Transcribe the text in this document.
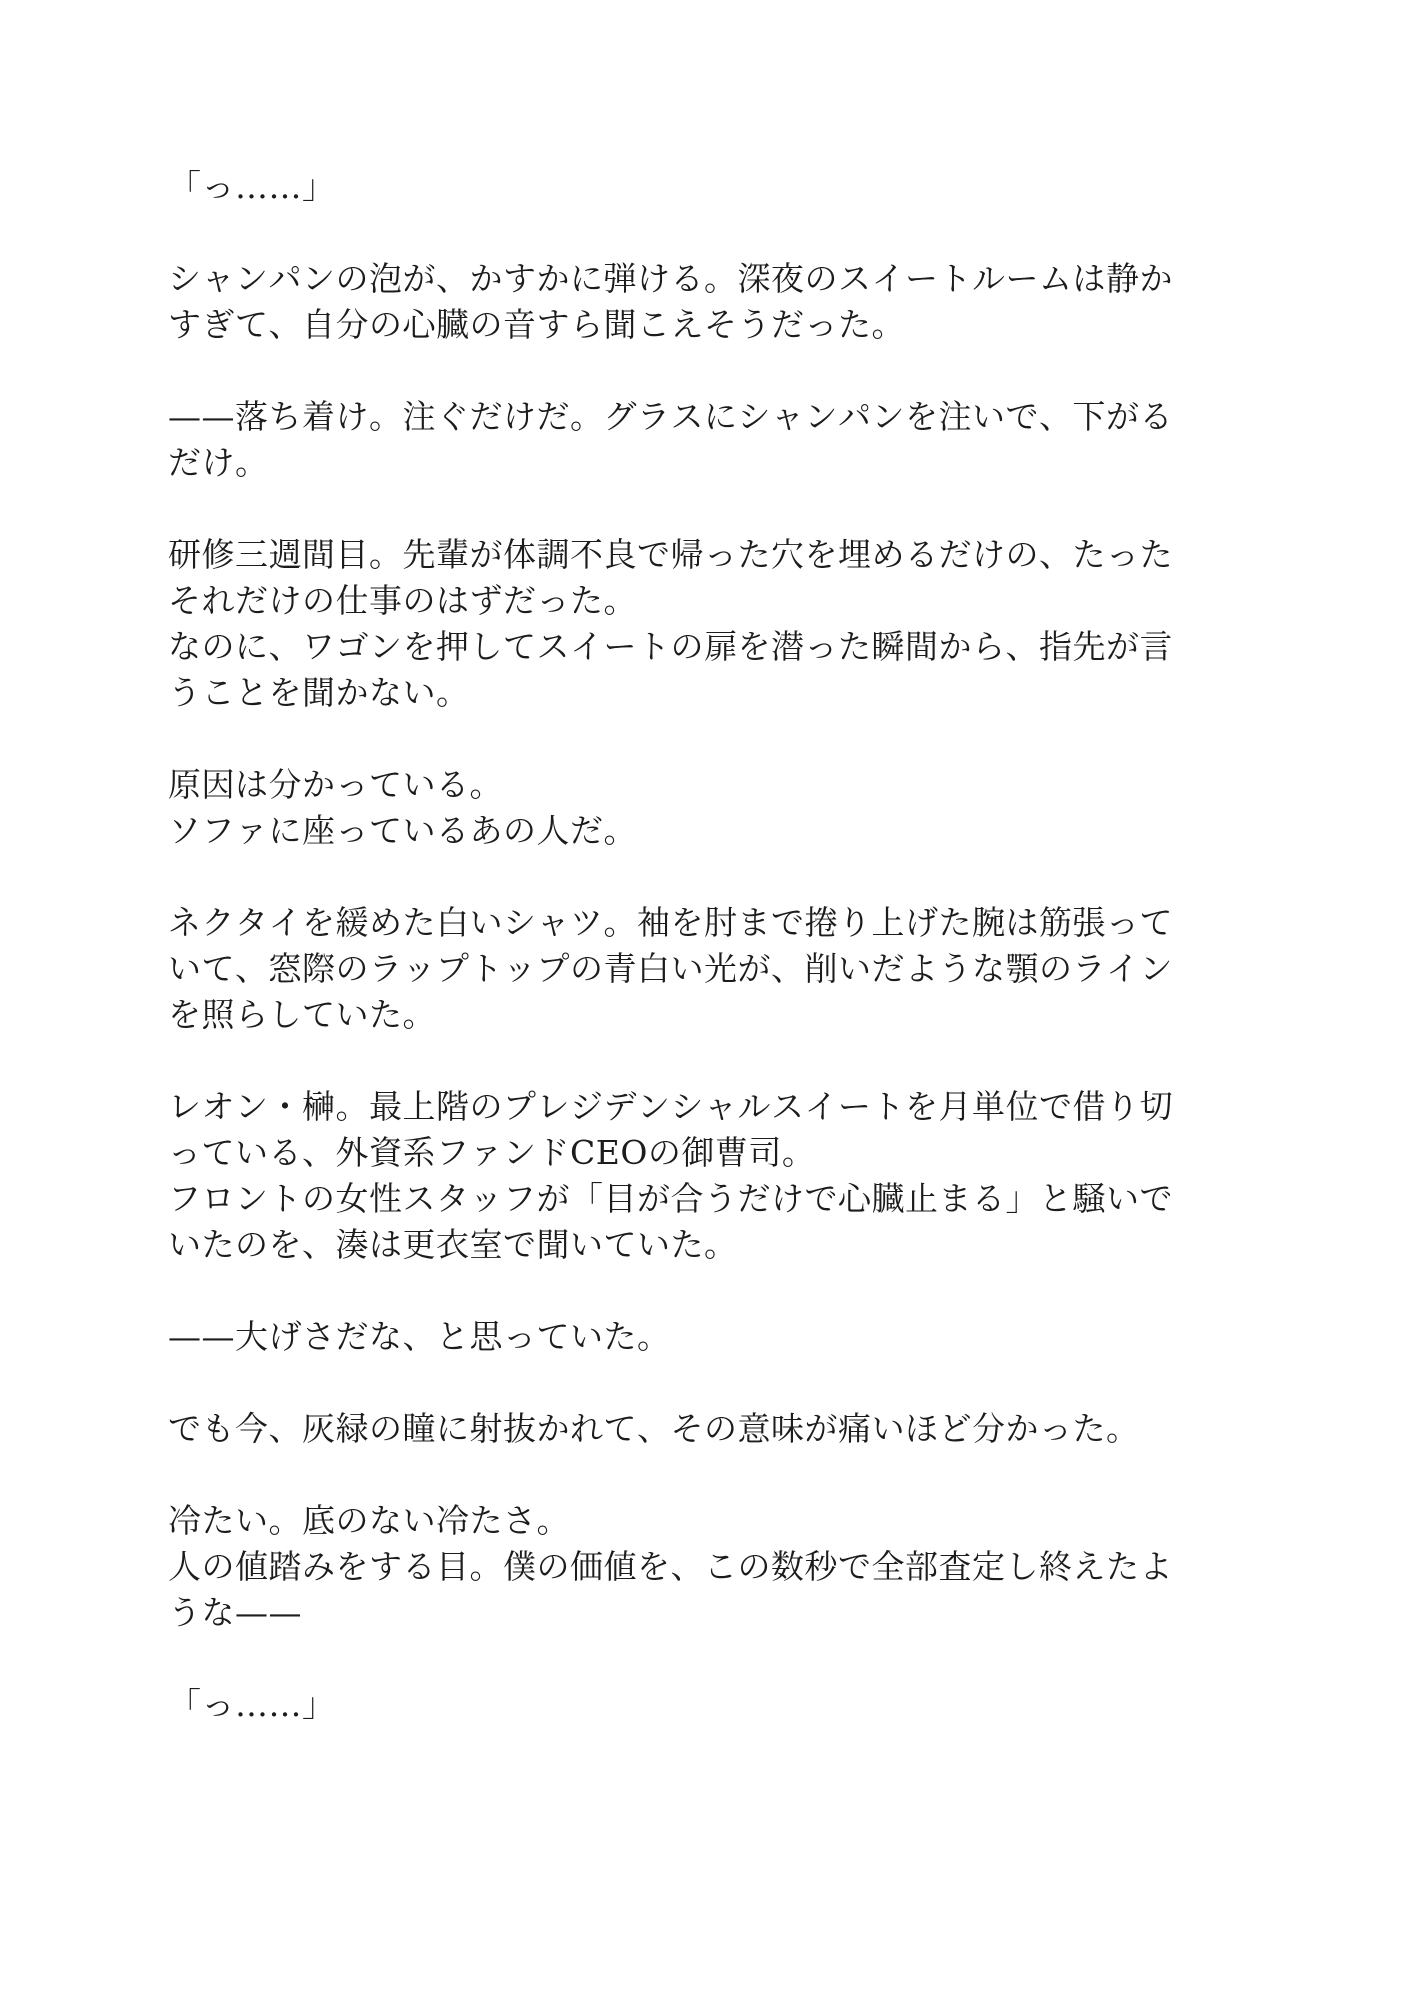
「っ……」
シャンパンの泡が、かすかに弾ける。深夜のスイートルームは静か
すぎて、自分の心臓の音すら聞こえそうだった。
——落ち着け。注ぐだけだ。グラスにシャンパンを注いで、下がる
だけ。
研修三週間目。先輩が体調不良で帰った穴を埋めるだけの、たった
それだけの仕事のはずだった。
なのに、ワゴンを押してスイートの扉を潜った瞬間から、指先が言
うことを聞かない。
原因は分かっている。
ソファに座っているあの人だ。
ネクタイを緩めた白いシャツ。袖を肘まで捲り上げた腕は筋張って
いて、窓際のラップトップの青白い光が、削いだような顎のライン
を照らしていた。
レオン・榊。最上階のプレジデンシャルスイートを月単位で借り切
っている、外資系ファンドCEOの御曹司。
フロントの女性スタッフが「目が合うだけで心臓止まる」と騒いで
いたのを、湊は更衣室で聞いていた。
——大げさだな、と思っていた。
でも今、灰緑の瞳に射抜かれて、その意味が痛いほど分かった。
冷たい。底のない冷たさ。
人の値踏みをする目。僕の価値を、この数秒で全部査定し終えたよ
うな——
「っ……」
